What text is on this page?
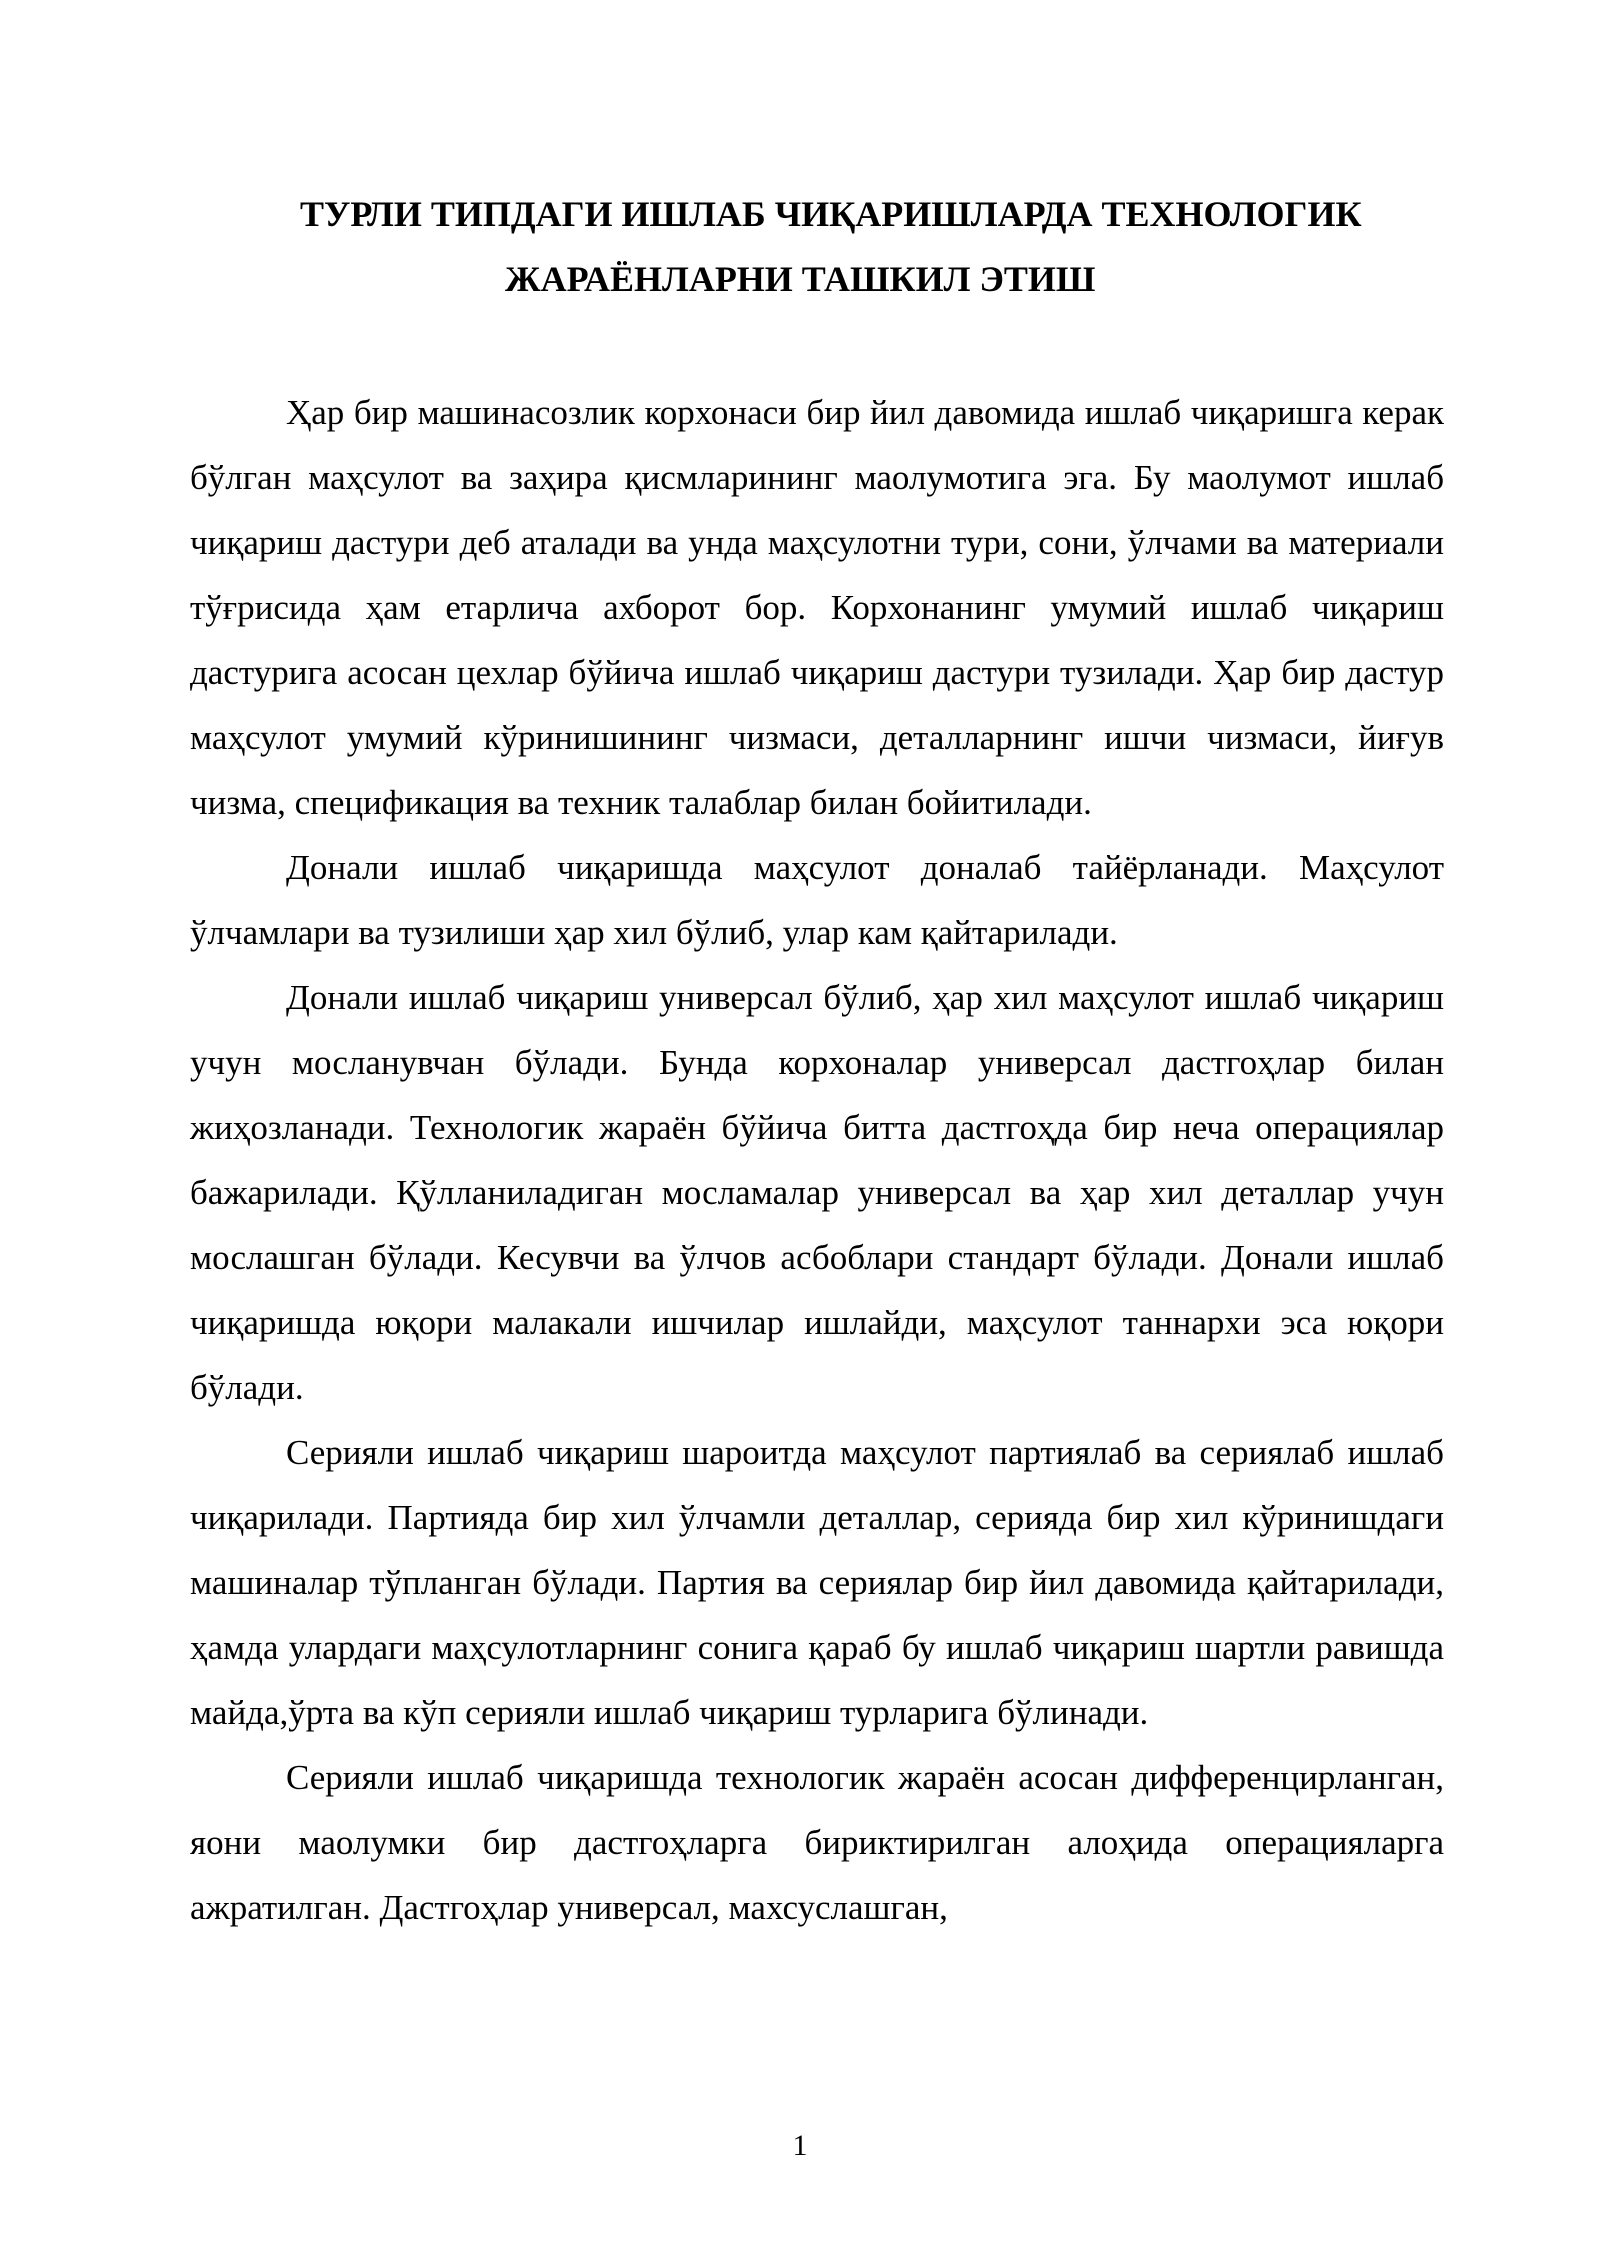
ТУРЛИ ТИПДАГИ ИШЛАБ ЧИҚАРИШЛАРДА ТЕХНОЛОГИК
ЖАРАЁНЛАРНИ ТАШКИЛ ЭТИШ

Ҳар бир машинасозлик корхонаси бир йил давомида ишлаб чиқаришга керак бўлган маҳсулот ва заҳира қисмларининг маолумотига эга. Бу маолумот ишлаб чиқариш дастури деб аталади ва унда маҳсулотни тури, сони, ўлчами ва материали тўғрисида ҳам етарлича ахборот бор. Корхонанинг умумий ишлаб чиқариш дастурига асосан цехлар бўйича ишлаб чиқариш дастури тузилади. Ҳар бир дастур маҳсулот умумий кўринишининг чизмаси, деталларнинг ишчи чизмаси, йиғув чизма, спецификация ва техник талаблар билан бойитилади.

Донали ишлаб чиқаришда маҳсулот доналаб тайёрланади. Маҳсулот ўлчамлари ва тузилиши ҳар хил бўлиб, улар кам қайтарилади.

Донали ишлаб чиқариш универсал бўлиб, ҳар хил маҳсулот ишлаб чиқариш учун мосланувчан бўлади. Бунда корхоналар универсал дастгоҳлар билан жиҳозланади. Технологик жараён бўйича битта дастгоҳда бир неча операциялар бажарилади. Қўлланиладиган мосламалар универсал ва ҳар хил деталлар учун мослашган бўлади. Кесувчи ва ўлчов асбоблари стандарт бўлади. Донали ишлаб чиқаришда юқори малакали ишчилар ишлайди, маҳсулот таннархи эса юқори бўлади.

Серияли ишлаб чиқариш шароитда маҳсулот партиялаб ва сериялаб ишлаб чиқарилади. Партияда бир хил ўлчамли деталлар, серияда бир хил кўринишдаги машиналар тўпланган бўлади. Партия ва сериялар бир йил давомида қайтарилади, ҳамда улардаги маҳсулотларнинг сонига қараб бу ишлаб чиқариш шартли равишда майда,ўрта ва кўп серияли ишлаб чиқариш турларига бўлинади.

Серияли ишлаб чиқаришда технологик жараён асосан дифференцирланган, яони маолумки бир дастгоҳларга бириктирилган алоҳида операцияларга ажратилган. Дастгоҳлар универсал, махсуслашган,

1
